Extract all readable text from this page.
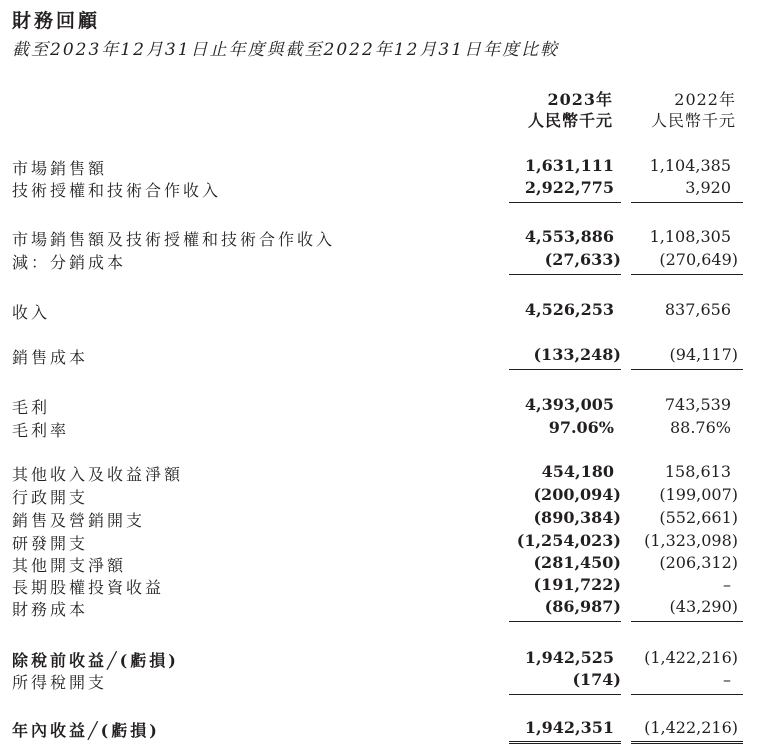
財務回顧
截至2023年12月31日止年度與截至2022年12月31日年度比較
2023年
人民幣千元
2022年
人民幣千元
市場銷售額	1,631,111	1,104,385
技術授權和技術合作收入	2,922,775	3,920
市場銷售額及技術授權和技術合作收入	4,553,886	1,108,305
減：分銷成本	(27,633) (270,649)
收入	4,526,253	837,656
銷售成本	(133,248)	(94,117)
毛利	4,393,005	743,539
毛利率	97.06%	88.76%
其他收入及收益淨額	454,180	158,613
行政開支	(200,094) (199,007)
銷售及營銷開支	(890,384) (552,661)
研發開支	(1,254,023) (1,323,098)
其他開支淨額	(281,450) (206,312)
長期股權投資收益	(191,722)	–
財務成本	(86,987)	(43,290)
除稅前收益╱(虧損)	1,942,525	(1,422,216)
所得稅開支	(174)	–
年內收益╱(虧損)	1,942,351	(1,422,216)
